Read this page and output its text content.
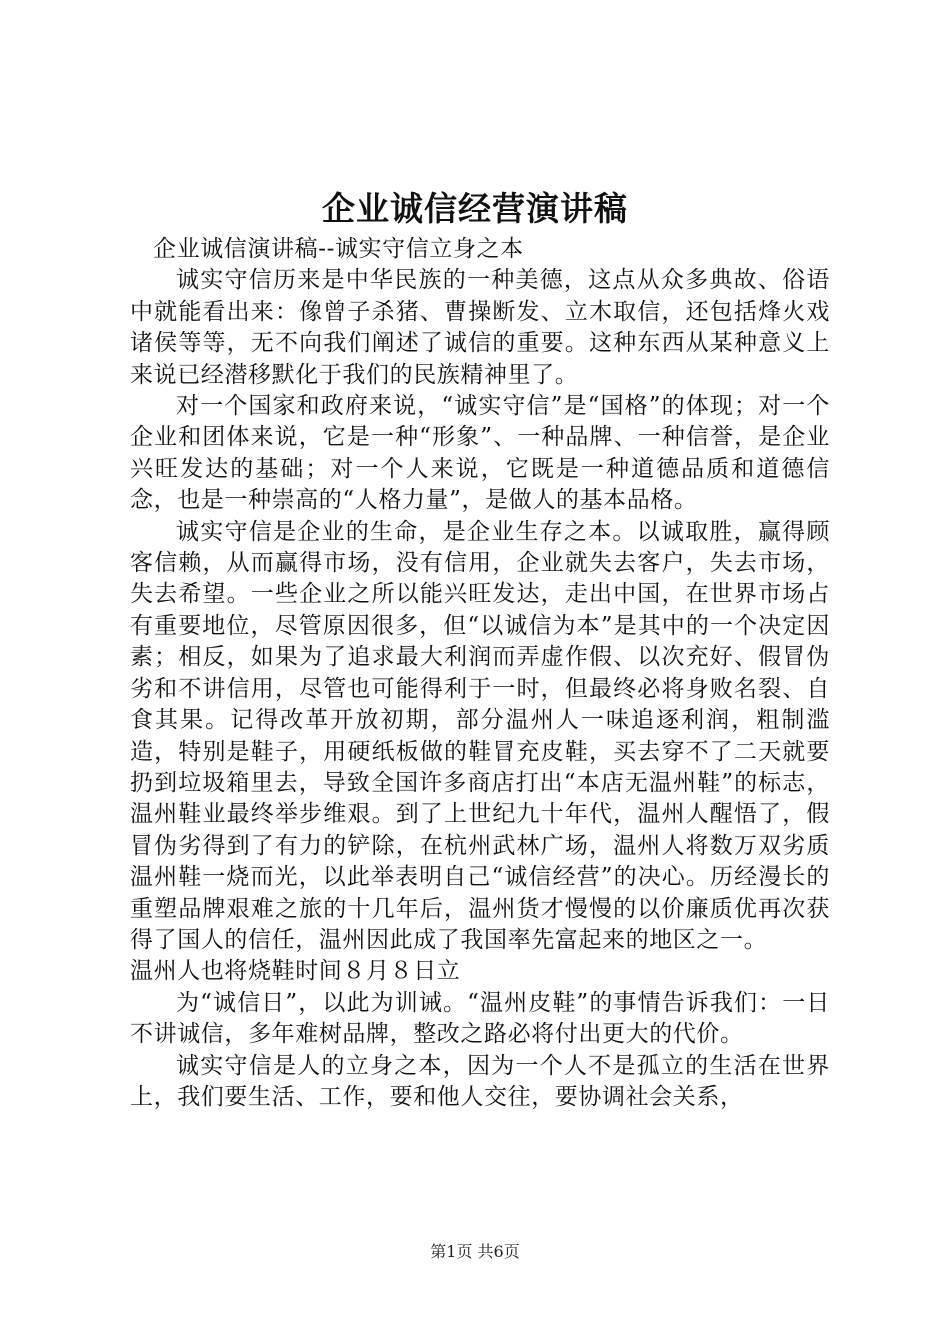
企业诚信经营演讲稿

企业诚信演讲稿--诚实守信立身之本

诚实守信历来是中华民族的一种美德，这点从众多典故、俗语中就能看出来：像曾子杀猪、曹操断发、立木取信，还包括烽火戏诸侯等等，无不向我们阐述了诚信的重要。这种东西从某种意义上来说已经潜移默化于我们的民族精神里了。

对一个国家和政府来说，“诚实守信”是“国格”的体现；对一个企业和团体来说，它是一种“形象”、一种品牌、一种信誉，是企业兴旺发达的基础；对一个人来说，它既是一种道德品质和道德信念，也是一种崇高的“人格力量”，是做人的基本品格。

诚实守信是企业的生命，是企业生存之本。以诚取胜，赢得顾客信赖，从而赢得市场，没有信用，企业就失去客户，失去市场，失去希望。一些企业之所以能兴旺发达，走出中国，在世界市场占有重要地位，尽管原因很多，但“以诚信为本”是其中的一个决定因素；相反，如果为了追求最大利润而弄虚作假、以次充好、假冒伪劣和不讲信用，尽管也可能得利于一时，但最终必将身败名裂、自食其果。记得改革开放初期，部分温州人一味追逐利润，粗制滥造，特别是鞋子，用硬纸板做的鞋冒充皮鞋，买去穿不了二天就要扔到垃圾箱里去，导致全国许多商店打出“本店无温州鞋”的标志，温州鞋业最终举步维艰。到了上世纪九十年代，温州人醒悟了，假冒伪劣得到了有力的铲除，在杭州武林广场，温州人将数万双劣质温州鞋一烧而光，以此举表明自己“诚信经营”的决心。历经漫长的重塑品牌艰难之旅的十几年后，温州货才慢慢的以价廉质优再次获得了国人的信任，温州因此成了我国率先富起来的地区之一。

温州人也将烧鞋时间８月８日立

为“诚信日”，以此为训诫。“温州皮鞋”的事情告诉我们：一日不讲诚信，多年难树品牌，整改之路必将付出更大的代价。

诚实守信是人的立身之本，因为一个人不是孤立的生活在世界上，我们要生活、工作，要和他人交往，要协调社会关系，

第1页 共6页
